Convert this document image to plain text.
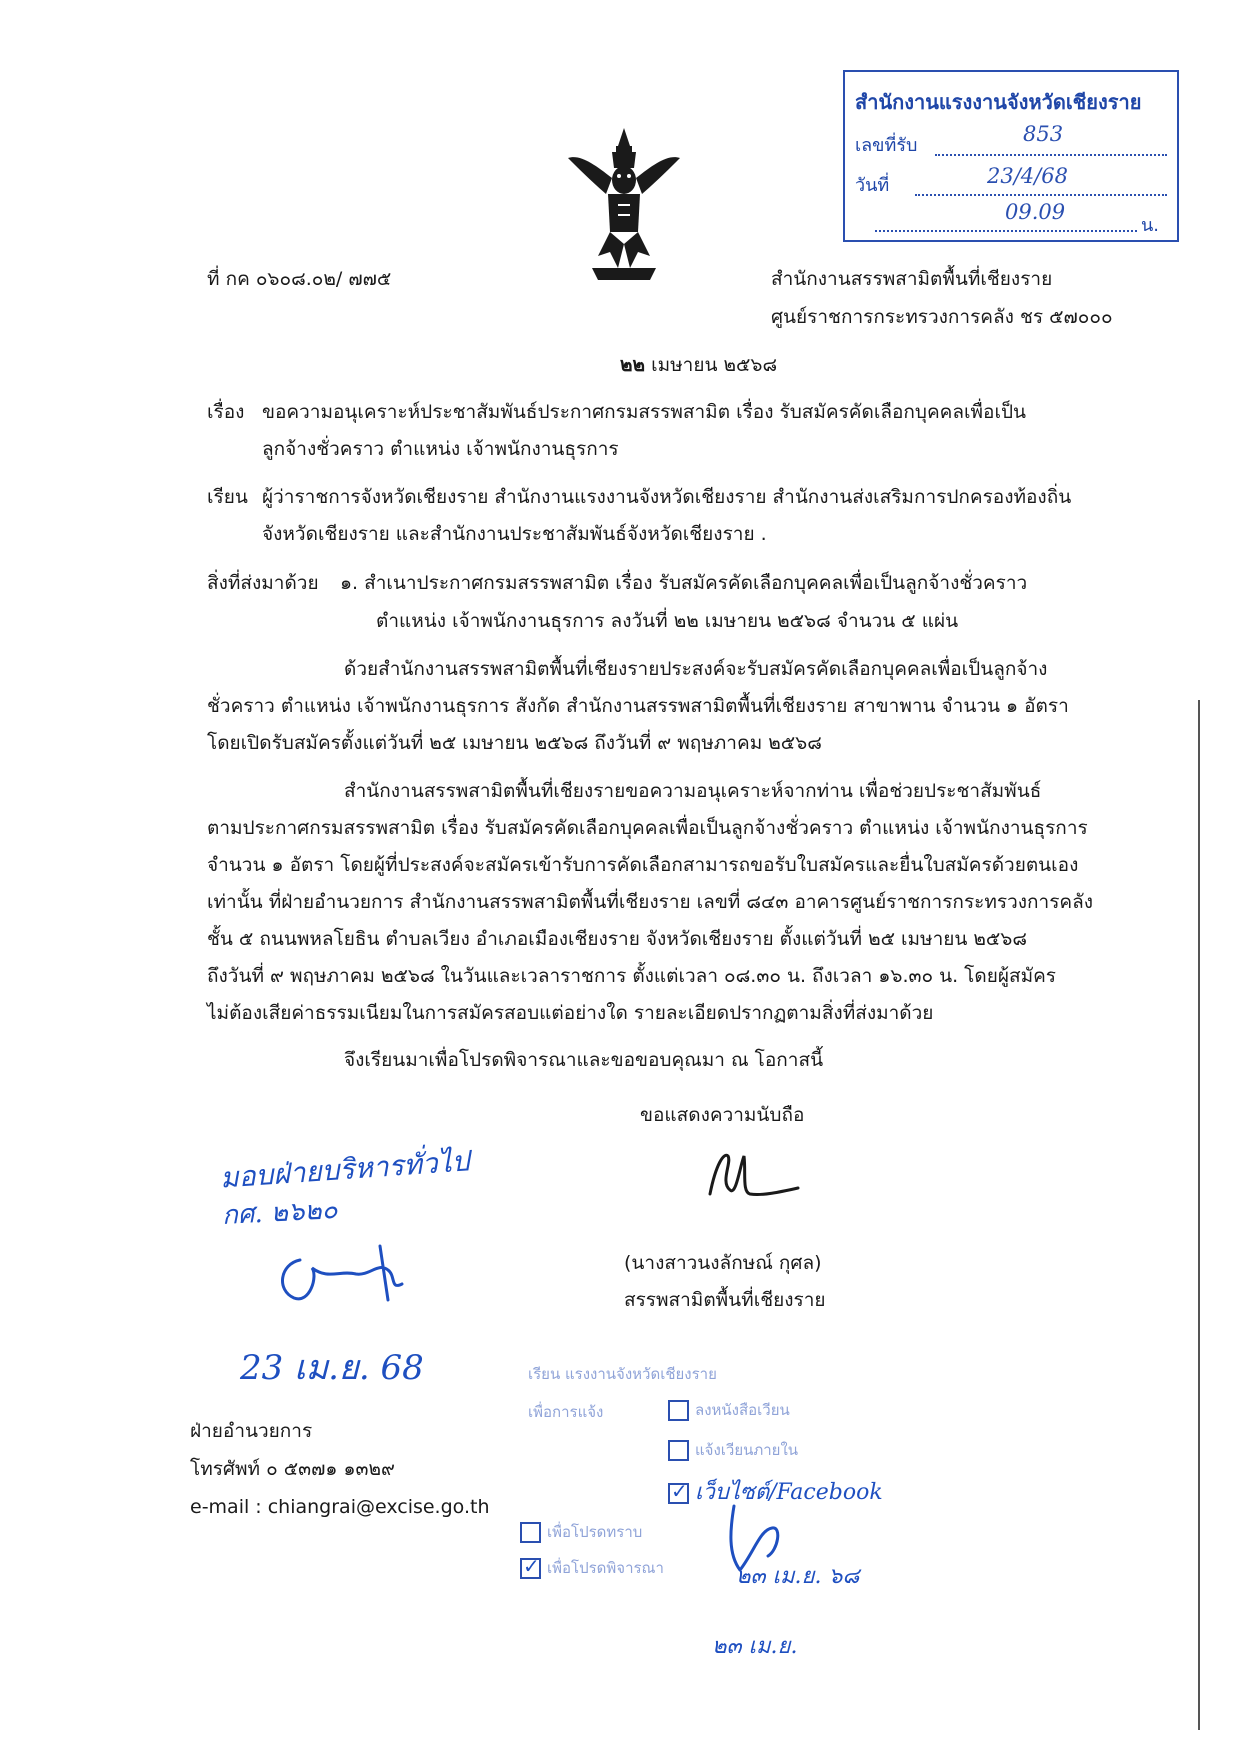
สำนักงานแรงงานจังหวัดเชียงราย
เลขที่รับ	853
วันที่	23/4/68
09.09
น.
ที่ กค ๐๖๐๘.๐๒/ ๗๗๕	สำนักงานสรรพสามิตพื้นที่เชียงราย
ศูนย์ราชการกระทรวงการคลัง ชร ๕๗๐๐๐
๒๒ เมษายน ๒๕๖๘
เรื่อง ขอความอนุเคราะห์ประชาสัมพันธ์ประกาศกรมสรรพสามิต เรื่อง รับสมัครคัดเลือกบุคคลเพื่อเป็น
ลูกจ้างชั่วคราว ตำแหน่ง เจ้าพนักงานธุรการ
เรียน ผู้ว่าราชการจังหวัดเชียงราย สำนักงานแรงงานจังหวัดเชียงราย สำนักงานส่งเสริมการปกครองท้องถิ่น
จังหวัดเชียงราย และสำนักงานประชาสัมพันธ์จังหวัดเชียงราย .
สิ่งที่ส่งมาด้วย ๑. สำเนาประกาศกรมสรรพสามิต เรื่อง รับสมัครคัดเลือกบุคคลเพื่อเป็นลูกจ้างชั่วคราว
ตำแหน่ง เจ้าพนักงานธุรการ ลงวันที่ ๒๒ เมษายน ๒๕๖๘ จำนวน ๕ แผ่น
ด้วยสำนักงานสรรพสามิตพื้นที่เชียงรายประสงค์จะรับสมัครคัดเลือกบุคคลเพื่อเป็นลูกจ้าง
ชั่วคราว ตำแหน่ง เจ้าพนักงานธุรการ สังกัด สำนักงานสรรพสามิตพื้นที่เชียงราย สาขาพาน จำนวน ๑ อัตรา
โดยเปิดรับสมัครตั้งแต่วันที่ ๒๕ เมษายน ๒๕๖๘ ถึงวันที่ ๙ พฤษภาคม ๒๕๖๘
สำนักงานสรรพสามิตพื้นที่เชียงรายขอความอนุเคราะห์จากท่าน เพื่อช่วยประชาสัมพันธ์
ตามประกาศกรมสรรพสามิต เรื่อง รับสมัครคัดเลือกบุคคลเพื่อเป็นลูกจ้างชั่วคราว ตำแหน่ง เจ้าพนักงานธุรการ
จำนวน ๑ อัตรา โดยผู้ที่ประสงค์จะสมัครเข้ารับการคัดเลือกสามารถขอรับใบสมัครและยื่นใบสมัครด้วยตนเอง
เท่านั้น ที่ฝ่ายอำนวยการ สำนักงานสรรพสามิตพื้นที่เชียงราย เลขที่ ๘๔๓ อาคารศูนย์ราชการกระทรวงการคลัง
ชั้น ๕ ถนนพหลโยธิน ตำบลเวียง อำเภอเมืองเชียงราย จังหวัดเชียงราย ตั้งแต่วันที่ ๒๕ เมษายน ๒๕๖๘
ถึงวันที่ ๙ พฤษภาคม ๒๕๖๘ ในวันและเวลาราชการ ตั้งแต่เวลา ๐๘.๓๐ น. ถึงเวลา ๑๖.๓๐ น. โดยผู้สมัคร
ไม่ต้องเสียค่าธรรมเนียมในการสมัครสอบแต่อย่างใด รายละเอียดปรากฏตามสิ่งที่ส่งมาด้วย
จึงเรียนมาเพื่อโปรดพิจารณาและขอขอบคุณมา ณ โอกาสนี้
ขอแสดงความนับถือ
(นางสาวนงลักษณ์ กุศล)
สรรพสามิตพื้นที่เชียงราย
มอบฝ่ายบริหารทั่วไป
กศ. ๒๖๒๐
23 เม.ย. 68	เรียน แรงงานจังหวัดเชียงราย
เพื่อการแจ้ง	ลงหนังสือเวียน
แจ้งเวียนภายใน
✓เว็บไซต์/Facebook
เพื่อโปรดทราบ
✓เพื่อโปรดพิจารณา	๒๓ เม.ย. ๖๘
๒๓ เม.ย.
ฝ่ายอำนวยการ
โทรศัพท์ ๐ ๕๓๗๑ ๑๓๒๙
e-mail : chiangrai@excise.go.th
